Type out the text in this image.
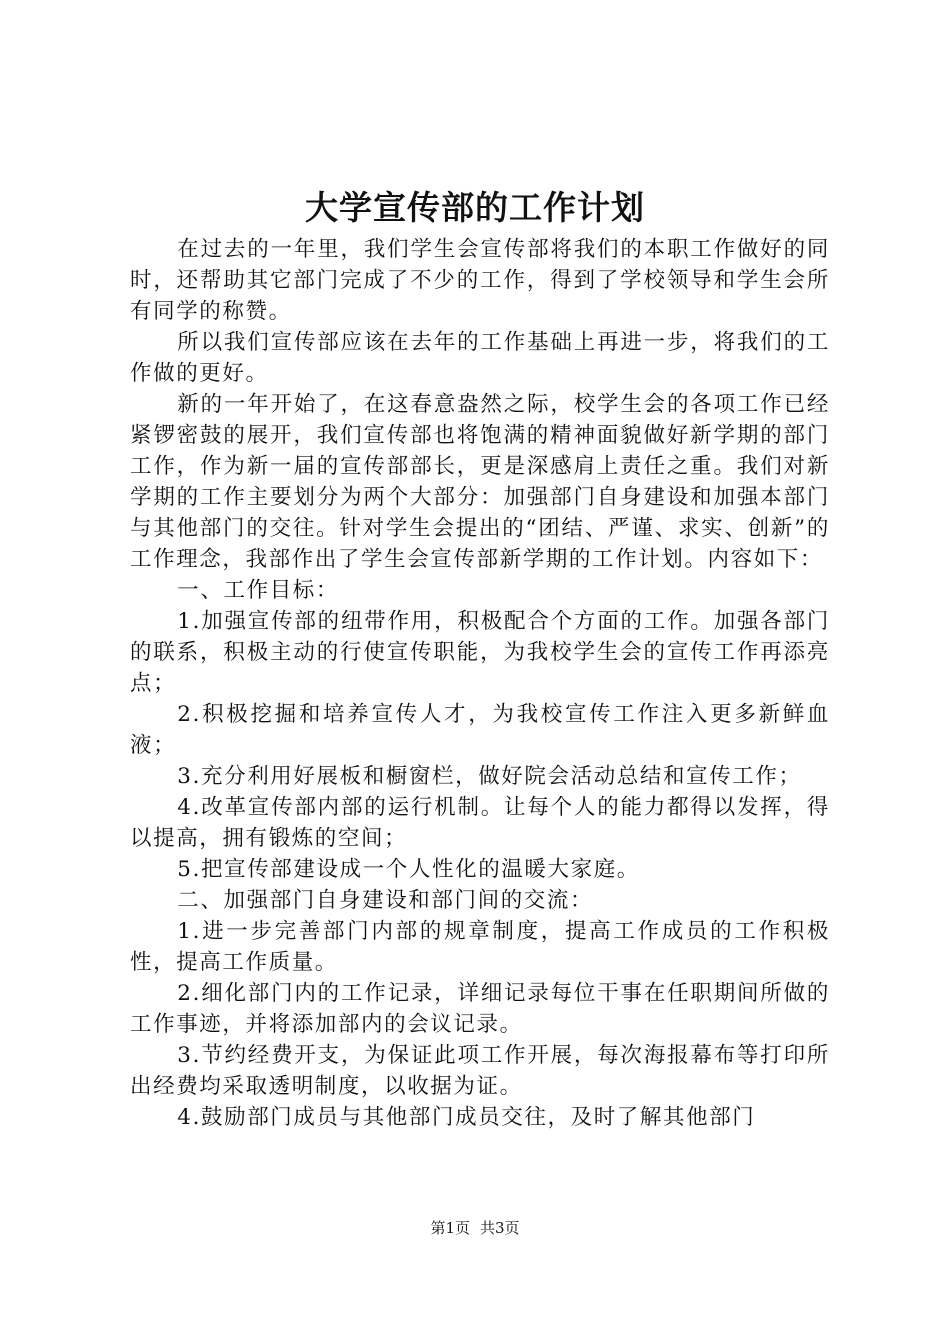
大学宣传部的工作计划

在过去的一年里，我们学生会宣传部将我们的本职工作做好的同时，还帮助其它部门完成了不少的工作，得到了学校领导和学生会所有同学的称赞。

所以我们宣传部应该在去年的工作基础上再进一步，将我们的工作做的更好。

新的一年开始了，在这春意盎然之际，校学生会的各项工作已经紧锣密鼓的展开，我们宣传部也将饱满的精神面貌做好新学期的部门工作，作为新一届的宣传部部长，更是深感肩上责任之重。我们对新学期的工作主要划分为两个大部分：加强部门自身建设和加强本部门与其他部门的交往。针对学生会提出的“团结、严谨、求实、创新”的工作理念，我部作出了学生会宣传部新学期的工作计划。内容如下：

一、工作目标：

1.加强宣传部的纽带作用，积极配合个方面的工作。加强各部门的联系，积极主动的行使宣传职能，为我校学生会的宣传工作再添亮点；

2.积极挖掘和培养宣传人才，为我校宣传工作注入更多新鲜血液；

3.充分利用好展板和橱窗栏，做好院会活动总结和宣传工作；

4.改革宣传部内部的运行机制。让每个人的能力都得以发挥，得以提高，拥有锻炼的空间；

5.把宣传部建设成一个人性化的温暖大家庭。

二、加强部门自身建设和部门间的交流：

1.进一步完善部门内部的规章制度，提高工作成员的工作积极性，提高工作质量。

2.细化部门内的工作记录，详细记录每位干事在任职期间所做的工作事迹，并将添加部内的会议记录。

3.节约经费开支，为保证此项工作开展，每次海报幕布等打印所出经费均采取透明制度，以收据为证。

4.鼓励部门成员与其他部门成员交往，及时了解其他部门

第1页 共3页
